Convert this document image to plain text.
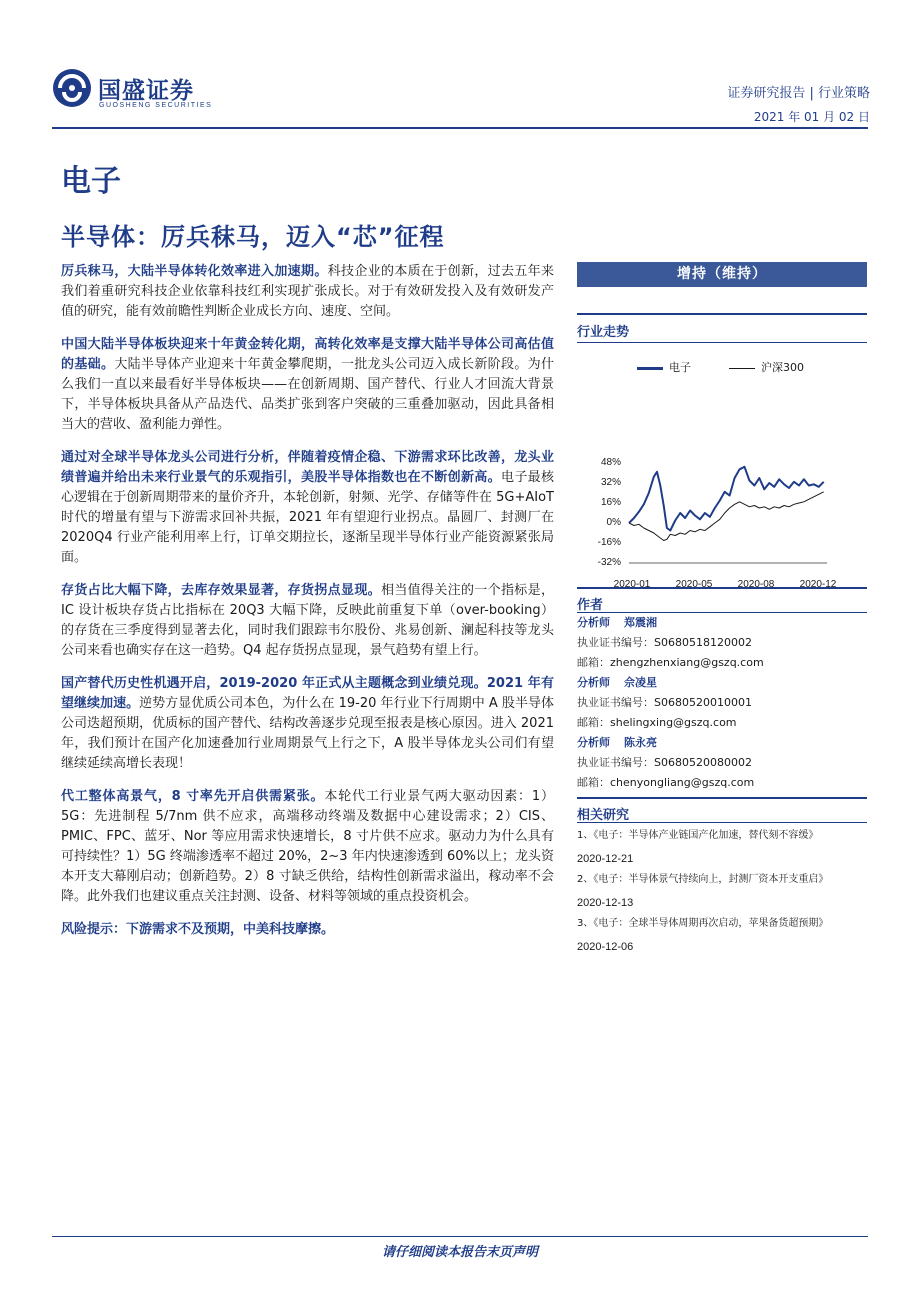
国盛证券
GUOSHENG SECURITIES
证券研究报告 | 行业策略
2021 年 01 月 02 日
电子
半导体：厉兵秣马，迈入“芯”征程

厉兵秣马，大陆半导体转化效率进入加速期。科技企业的本质在于创新，过去五年来我们着重研究科技企业依靠科技红利实现扩张成长。对于有效研发投入及有效研发产值的研究，能有效前瞻性判断企业成长方向、速度、空间。

中国大陆半导体板块迎来十年黄金转化期，高转化效率是支撑大陆半导体公司高估值的基础。大陆半导体产业迎来十年黄金攀爬期，一批龙头公司迈入成长新阶段。为什么我们一直以来最看好半导体板块——在创新周期、国产替代、行业人才回流大背景下，半导体板块具备从产品迭代、品类扩张到客户突破的三重叠加驱动，因此具备相当大的营收、盈利能力弹性。

通过对全球半导体龙头公司进行分析，伴随着疫情企稳、下游需求环比改善，龙头业绩普遍并给出未来行业景气的乐观指引，美股半导体指数也在不断创新高。电子最核心逻辑在于创新周期带来的量价齐升，本轮创新，射频、光学、存储等件在 5G+AIoT 时代的增量有望与下游需求回补共振，2021 年有望迎行业拐点。晶圆厂、封测厂在 2020Q4 行业产能利用率上行，订单交期拉长，逐渐呈现半导体行业产能资源紧张局面。

存货占比大幅下降，去库存效果显著，存货拐点显现。相当值得关注的一个指标是，IC 设计板块存货占比指标在 20Q3 大幅下降，反映此前重复下单（over-booking）的存货在三季度得到显著去化，同时我们跟踪韦尔股份、兆易创新、澜起科技等龙头公司来看也确实存在这一趋势。Q4 起存货拐点显现，景气趋势有望上行。

国产替代历史性机遇开启，2019-2020 年正式从主题概念到业绩兑现。2021 年有望继续加速。逆势方显优质公司本色，为什么在 19-20 年行业下行周期中 A 股半导体公司迭超预期，优质标的国产替代、结构改善逐步兑现至报表是核心原因。进入 2021 年，我们预计在国产化加速叠加行业周期景气上行之下，A 股半导体龙头公司们有望继续延续高增长表现！

代工整体高景气，8 寸率先开启供需紧张。本轮代工行业景气两大驱动因素：1）5G：先进制程 5/7nm 供不应求，高端移动终端及数据中心建设需求；2）CIS、PMIC、FPC、蓝牙、Nor 等应用需求快速增长，8 寸片供不应求。驱动力为什么具有可持续性？1）5G 终端渗透率不超过 20%，2~3 年内快速渗透到 60%以上；龙头资本开支大幕刚启动；创新趋势。2）8 寸缺乏供给，结构性创新需求溢出，稼动率不会降。此外我们也建议重点关注封测、设备、材料等领域的重点投资机会。

风险提示：下游需求不及预期，中美科技摩擦。

增持（维持）
行业走势
电子	沪深300
48%
32%
16%
0%
-16%
-32%
2020-01	2020-05	2020-08	2020-12
作者
分析师 郑震湘
执业证书编号：S0680518120002
邮箱：zhengzhenxiang@gszq.com
分析师 佘凌星
执业证书编号：S0680520010001
邮箱：shelingxing@gszq.com
分析师 陈永亮
执业证书编号：S0680520080002
邮箱：chenyongliang@gszq.com
相关研究
1、《电子：半导体产业链国产化加速，替代刻不容缓》
2020-12-21
2、《电子：半导体景气持续向上，封测厂资本开支重启》
2020-12-13
3、《电子：全球半导体周期再次启动，苹果备货超预期》
2020-12-06
请仔细阅读本报告末页声明
